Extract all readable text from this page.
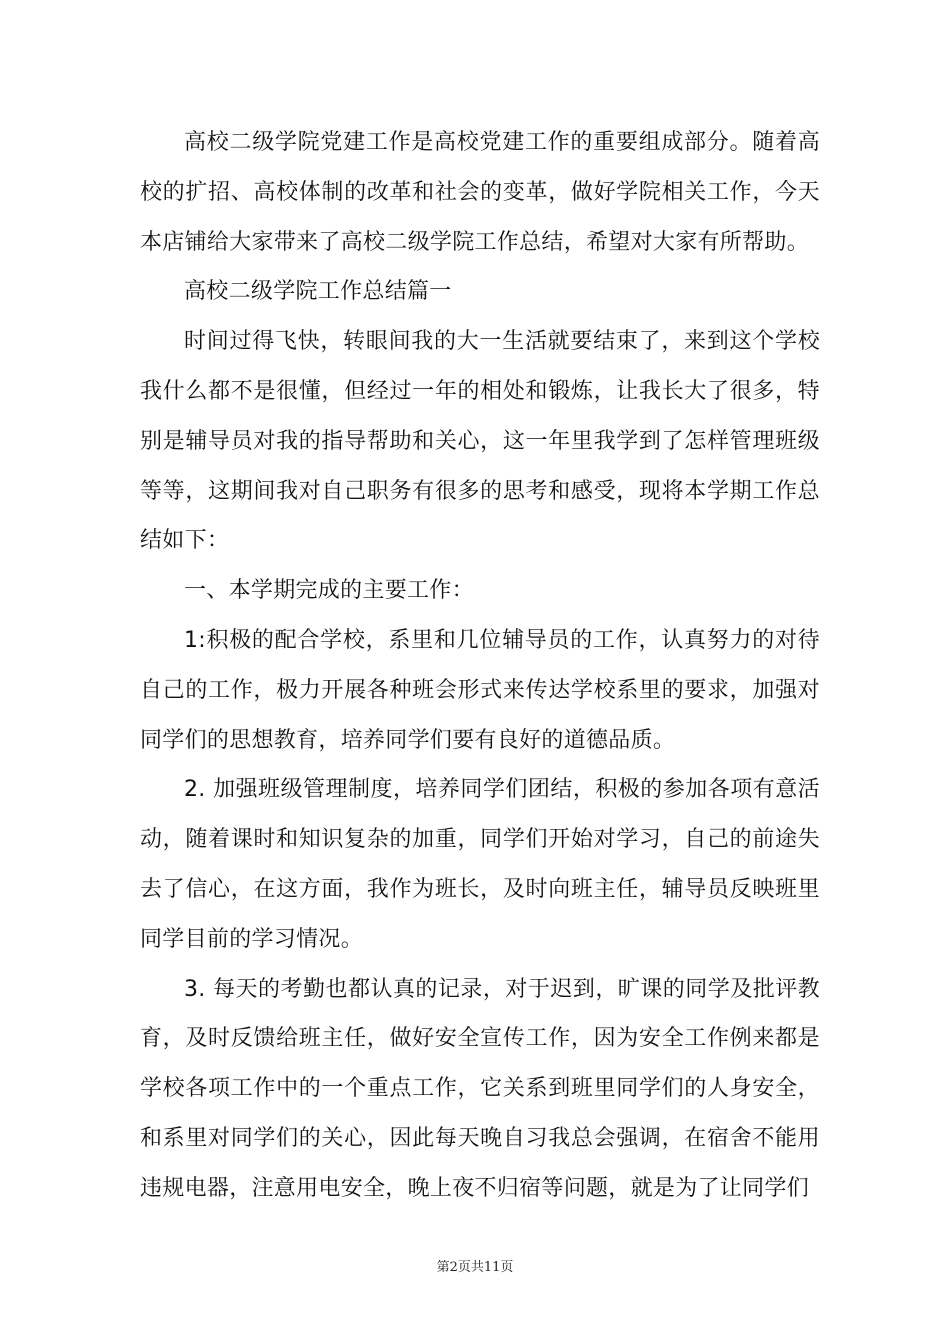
高校二级学院党建工作是高校党建工作的重要组成部分。随着高校的扩招、高校体制的改革和社会的变革，做好学院相关工作，今天本店铺给大家带来了高校二级学院工作总结，希望对大家有所帮助。

高校二级学院工作总结篇一

时间过得飞快，转眼间我的大一生活就要结束了，来到这个学校我什么都不是很懂，但经过一年的相处和锻炼，让我长大了很多，特别是辅导员对我的指导帮助和关心，这一年里我学到了怎样管理班级等等，这期间我对自己职务有很多的思考和感受，现将本学期工作总结如下：

一、本学期完成的主要工作：

1:积极的配合学校，系里和几位辅导员的工作，认真努力的对待自己的工作，极力开展各种班会形式来传达学校系里的要求，加强对同学们的思想教育，培养同学们要有良好的道德品质。

2. 加强班级管理制度，培养同学们团结，积极的参加各项有意活动，随着课时和知识复杂的加重，同学们开始对学习，自己的前途失去了信心，在这方面，我作为班长，及时向班主任，辅导员反映班里同学目前的学习情况。

3. 每天的考勤也都认真的记录，对于迟到，旷课的同学及批评教育，及时反馈给班主任，做好安全宣传工作，因为安全工作例来都是学校各项工作中的一个重点工作，它关系到班里同学们的人身安全，和系里对同学们的关心，因此每天晚自习我总会强调，在宿舍不能用违规电器，注意用电安全，晚上夜不归宿等问题，就是为了让同学们

第2页共11页
